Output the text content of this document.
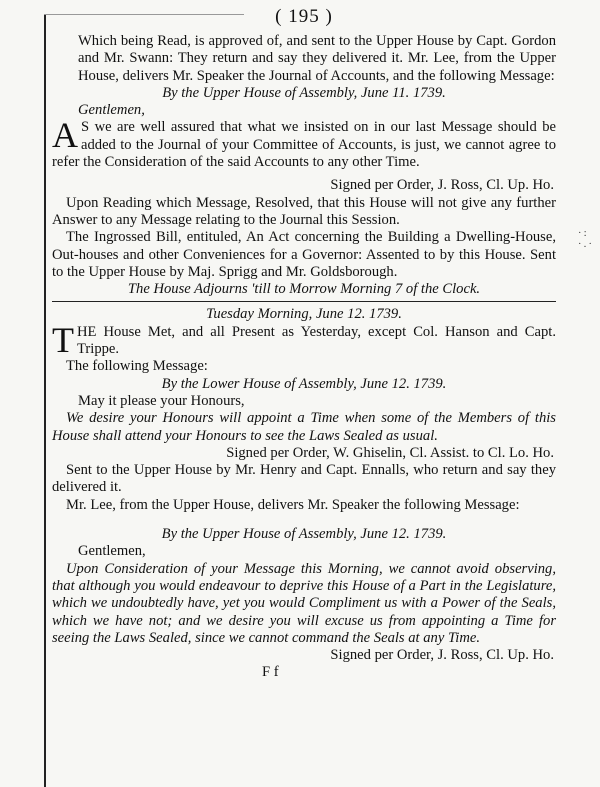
·:
·.·
( 195 )

Which being Read, is approved of, and sent to the Upper House by Capt. Gordon and Mr. Swann: They return and say they delivered it. Mr. Lee, from the Upper House, delivers Mr. Speaker the Journal of Accounts, and the following Message:

By the Upper House of Assembly, June 11. 1739.
Gentlemen,

A S we are well assured that what we insisted on in our last Message should be added to the Journal of your Committee of Accounts, is just, we cannot agree to refer the Consideration of the said Accounts to any other Time.

Signed per Order, J. Ross, Cl. Up. Ho.

Upon Reading which Message, Resolved, that this House will not give any further Answer to any Message relating to the Journal this Session.

The Ingrossed Bill, entituled, An Act concerning the Building a Dwelling-House, Out-houses and other Conveniences for a Governor: Assented to by this House. Sent to the Upper House by Maj. Sprigg and Mr. Goldsborough.

The House Adjourns 'till to Morrow Morning 7 of the Clock.
Tuesday Morning, June 12. 1739.

THE House Met, and all Present as Yesterday, except Col. Hanson and Capt. Trippe.

The following Message:

By the Lower House of Assembly, June 12. 1739.
May it please your Honours,

We desire your Honours will appoint a Time when some of the Members of this House shall attend your Honours to see the Laws Sealed as usual.

Signed per Order, W. Ghiselin, Cl. Assist. to Cl. Lo. Ho.

Sent to the Upper House by Mr. Henry and Capt. Ennalls, who return and say they delivered it.

Mr. Lee, from the Upper House, delivers Mr. Speaker the following Message:

By the Upper House of Assembly, June 12. 1739.
Gentlemen,

Upon Consideration of your Message this Morning, we cannot avoid observing, that although you would endeavour to deprive this House of a Part in the Legislature, which we undoubtedly have, yet you would Compliment us with a Power of the Seals, which we have not; and we desire you will excuse us from appointing a Time for seeing the Laws Sealed, since we cannot command the Seals at any Time.

Signed per Order, J. Ross, Cl. Up. Ho.
F f
